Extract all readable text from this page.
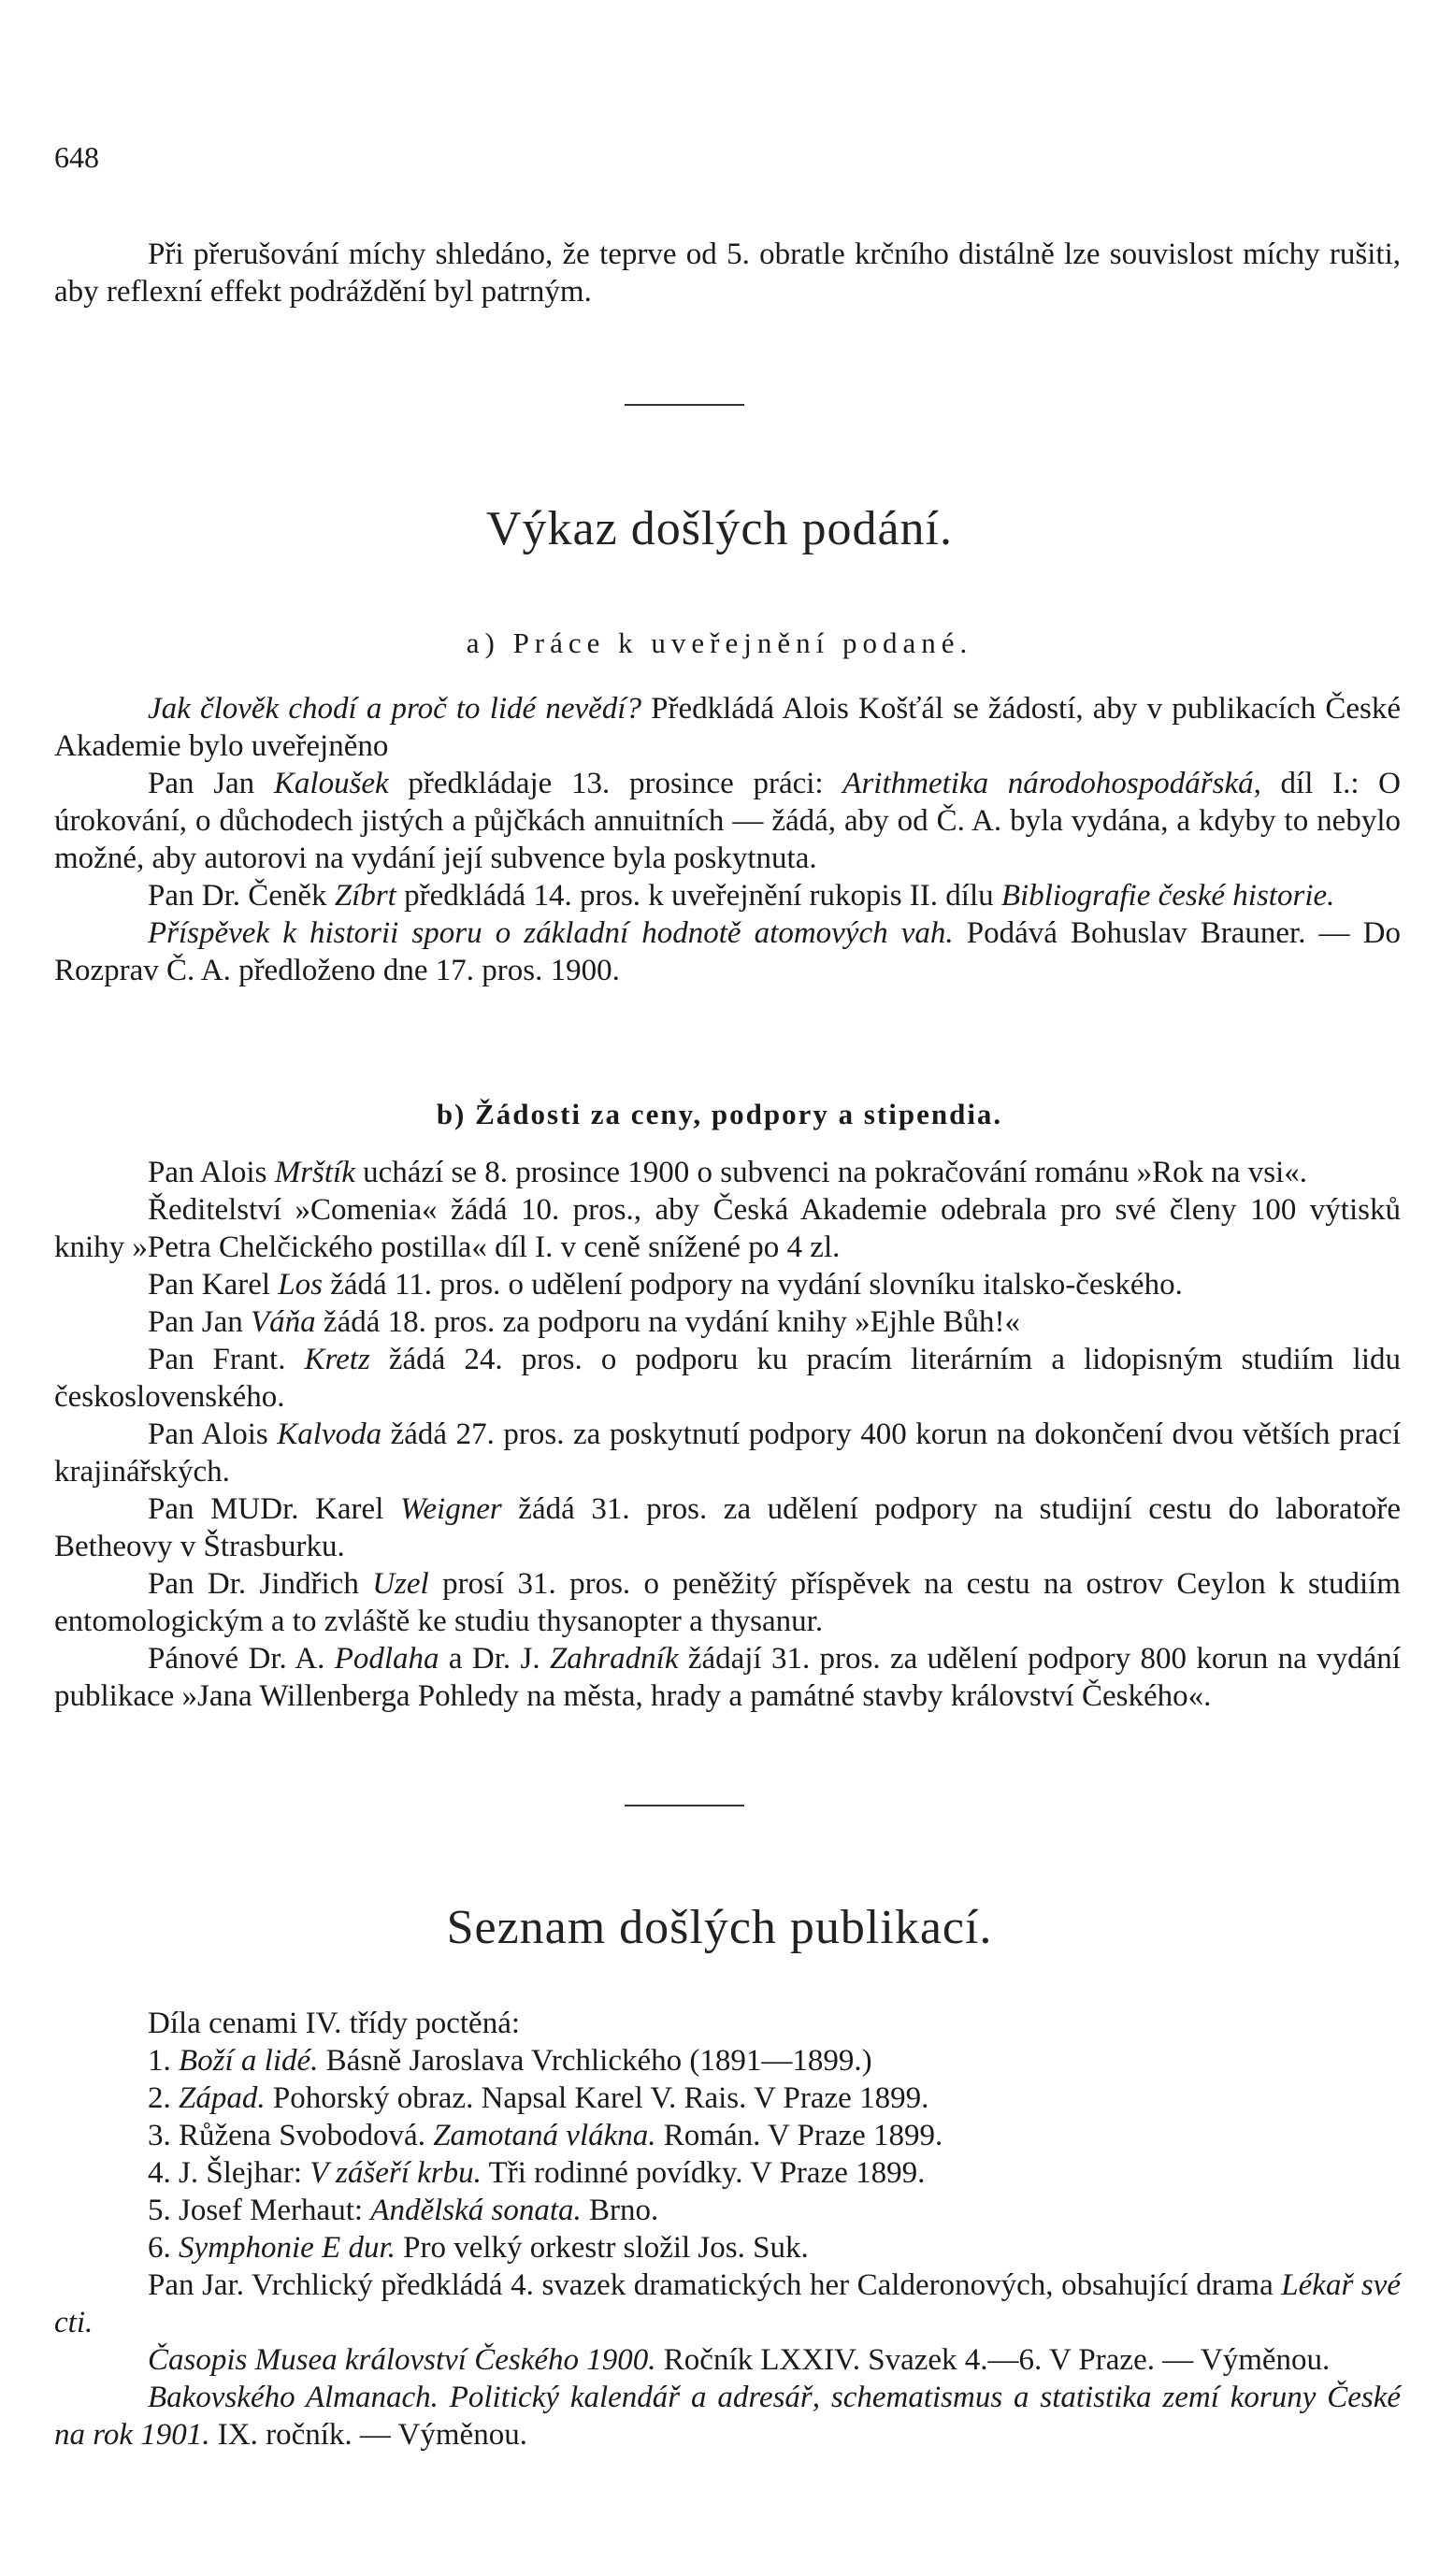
648

Při přerušování míchy shledáno, že teprve od 5. obratle krčního distálně lze souvislost míchy rušiti, aby reflexní effekt podráždění byl patrným.

Výkaz došlých podání.
a) Práce k uveřejnění podané.

Jak člověk chodí a proč to lidé nevědí? Předkládá Alois Košťál se žádostí, aby v publikacích České Akademie bylo uveřejněno

Pan Jan Kaloušek předkládaje 13. prosince práci: Arithmetika národohospodářská, díl I.: O úrokování, o důchodech jistých a půjčkách annuitních — žádá, aby od Č. A. byla vydána, a kdyby to nebylo možné, aby autorovi na vydání její subvence byla poskytnuta.

Pan Dr. Čeněk Zíbrt předkládá 14. pros. k uveřejnění rukopis II. dílu Bibliografie české historie.

Příspěvek k historii sporu o základní hodnotě atomových vah. Podává Bohuslav Brauner. — Do Rozprav Č. A. předloženo dne 17. pros. 1900.

b) Žádosti za ceny, podpory a stipendia.

Pan Alois Mrštík uchází se 8. prosince 1900 o subvenci na pokračování románu »Rok na vsi«.

Ředitelství »Comenia« žádá 10. pros., aby Česká Akademie odebrala pro své členy 100 výtisků knihy »Petra Chelčického postilla« díl I. v ceně snížené po 4 zl.

Pan Karel Los žádá 11. pros. o udělení podpory na vydání slovníku italsko-českého.

Pan Jan Váňa žádá 18. pros. za podporu na vydání knihy »Ejhle Bůh!«

Pan Frant. Kretz žádá 24. pros. o podporu ku pracím literárním a lidopisným studiím lidu československého.

Pan Alois Kalvoda žádá 27. pros. za poskytnutí podpory 400 korun na dokončení dvou větších prací krajinářských.

Pan MUDr. Karel Weigner žádá 31. pros. za udělení podpory na studijní cestu do laboratoře Betheovy v Štrasburku.

Pan Dr. Jindřich Uzel prosí 31. pros. o peněžitý příspěvek na cestu na ostrov Ceylon k studiím entomologickým a to zvláště ke studiu thysanopter a thysanur.

Pánové Dr. A. Podlaha a Dr. J. Zahradník žádají 31. pros. za udělení podpory 800 korun na vydání publikace »Jana Willenberga Pohledy na města, hrady a památné stavby království Českého«.

Seznam došlých publikací.

Díla cenami IV. třídy poctěná:

1. Boží a lidé. Básně Jaroslava Vrchlického (1891—1899.)

2. Západ. Pohorský obraz. Napsal Karel V. Rais. V Praze 1899.

3. Růžena Svobodová. Zamotaná vlákna. Román. V Praze 1899.

4. J. Šlejhar: V zášeří krbu. Tři rodinné povídky. V Praze 1899.

5. Josef Merhaut: Andělská sonata. Brno.

6. Symphonie E dur. Pro velký orkestr složil Jos. Suk.

Pan Jar. Vrchlický předkládá 4. svazek dramatických her Calderonových, obsahující drama Lékař své cti.

Časopis Musea království Českého 1900. Ročník LXXIV. Svazek 4.—6. V Praze. — Výměnou.

Bakovského Almanach. Politický kalendář a adresář, schematismus a statistika zemí koruny České na rok 1901. IX. ročník. — Výměnou.
